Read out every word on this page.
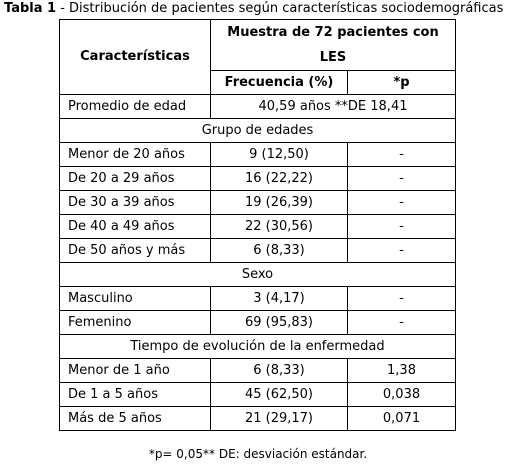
Tabla 1 - Distribución de pacientes según características sociodemográficas
Características	Muestra de 72 pacientes con LES	
	Frecuencia (%)	*p
Promedio de edad	40,59 años **DE 18,41	
Grupo de edades		
Menor de 20 años	9 (12,50)	-
De 20 a 29 años	16 (22,22)	-
De 30 a 39 años	19 (26,39)	-
De 40 a 49 años	22 (30,56)	-
De 50 años y más	6 (8,33)	-
Sexo		
Masculino	3 (4,17)	-
Femenino	69 (95,83)	-
Tiempo de evolución de la enfermedad		
Menor de 1 año	6 (8,33)	1,38
De 1 a 5 años	45 (62,50)	0,038
Más de 5 años	21 (29,17)	0,071
*p= 0,05** DE: desviación estándar.
